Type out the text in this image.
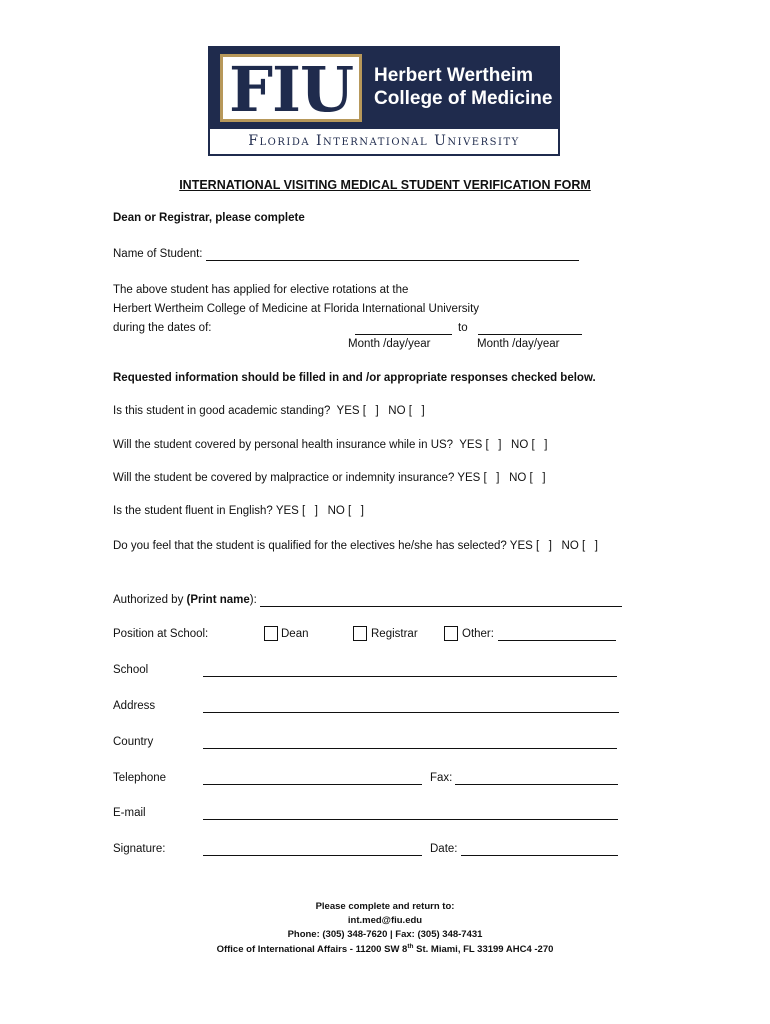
FIU	Herbert Wertheim
College of Medicine
Florida International University
INTERNATIONAL VISITING MEDICAL STUDENT VERIFICATION FORM
Dean or Registrar, please complete
Name of Student:
The above student has applied for elective rotations at the
Herbert Wertheim College of Medicine at Florida International University
during the dates of:	to
Month /day/year	Month /day/year
Requested information should be filled in and /or appropriate responses checked below.
Is this student in good academic standing?  YES [   ]   NO [   ]
Will the student covered by personal health insurance while in US?  YES [   ]   NO [   ]
Will the student be covered by malpractice or indemnity insurance? YES [   ]   NO [   ]
Is the student fluent in English? YES [   ]   NO [   ]
Do you feel that the student is qualified for the electives he/she has selected? YES [   ]   NO [   ]
Authorized by (Print name):
Position at School:	Dean	Registrar	Other:
School
Address
Country
Telephone	Fax:
E-mail
Signature:	Date:
Please complete and return to:
int.med@fiu.edu
Phone: (305) 348-7620 | Fax: (305) 348-7431
Office of International Affairs - 11200 SW 8th St. Miami, FL 33199 AHC4 -270
